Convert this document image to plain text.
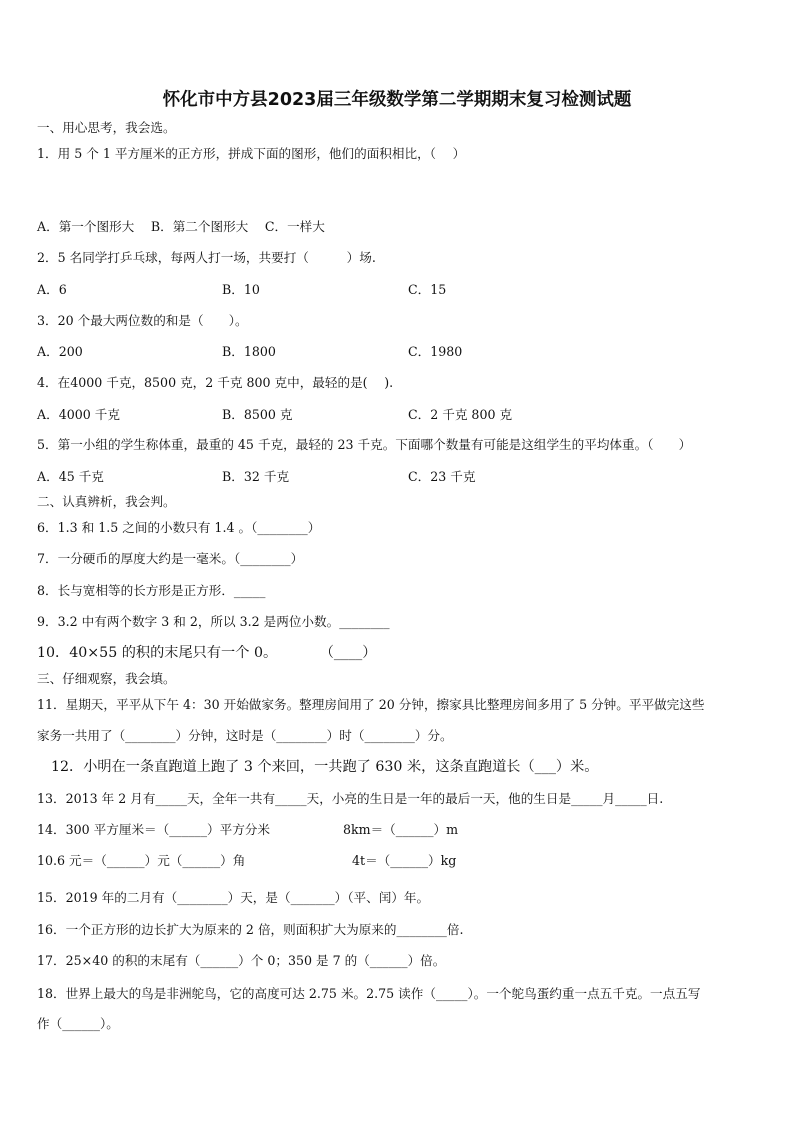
怀化市中方县2023届三年级数学第二学期期末复习检测试题
一、用心思考，我会选。
1．用 5 个 1 平方厘米的正方形，拼成下面的图形，他们的面积相比，（　 ）
A．第一个图形大　 B．第二个图形大　 C．一样大
2．5 名同学打乒乓球，每两人打一场，共要打（　　　）场.
A．6	B．10	C．15
3．20 个最大两位数的和是（　　）。
A．200	B．1800	C．1980
4．在4000 千克，8500 克，2 千克 800 克中，最轻的是(　 ).
A．4000 千克	B．8500 克	C．2 千克 800 克
5．第一小组的学生称体重，最重的 45 千克，最轻的 23 千克。下面哪个数量有可能是这组学生的平均体重。（　　）
A．45 千克	B．32 千克	C．23 千克
二、认真辨析，我会判。
6．1.3 和 1.5 之间的小数只有 1.4 。（________）
7．一分硬币的厚度大约是一毫米。（________）
8．长与宽相等的长方形是正方形．_____
9．3.2 中有两个数字 3 和 2，所以 3.2 是两位小数。________
10．40×55 的积的末尾只有一个 0。　　　　（____）
三、仔细观察，我会填。
11．星期天，平平从下午 4：30 开始做家务。整理房间用了 20 分钟，擦家具比整理房间多用了 5 分钟。平平做完这些
家务一共用了（________）分钟，这时是（________）时（________）分。
12．小明在一条直跑道上跑了 3 个来回，一共跑了 630 米，这条直跑道长（___）米。
13．2013 年 2 月有_____天，全年一共有_____天，小亮的生日是一年的最后一天，他的生日是_____月_____日.
14．300 平方厘米＝（______）平方分米	8km＝（______）m
10.6 元＝（______）元（______）角	4t＝（______）kg
15．2019 年的二月有（________）天，是（_______）（平、闰）年。
16．一个正方形的边长扩大为原来的 2 倍，则面积扩大为原来的________倍.
17．25×40 的积的末尾有（______）个 0；350 是 7 的（______）倍。
18．世界上最大的鸟是非洲鸵鸟，它的高度可达 2.75 米。2.75 读作（_____）。一个鸵鸟蛋约重一点五千克。一点五写
作（______）。
